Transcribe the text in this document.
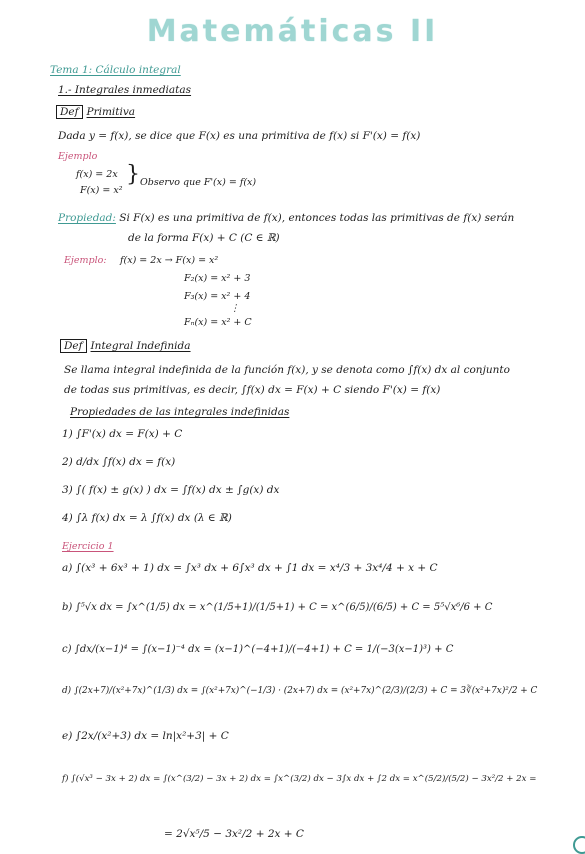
Matemáticas II
Tema 1: Cálculo integral
1.- Integrales inmediatas
Def Primitiva
Dada y = f(x), se dice que F(x) es una primitiva de f(x) si F'(x) = f(x)
Ejemplo
f(x) = 2x
F(x) = x²
} Observo que F'(x) = f(x)
Propiedad: Si F(x) es una primitiva de f(x), entonces todas las primitivas de f(x) serán
de la forma F(x) + C (C ∈ ℝ)
Ejemplo: f(x) = 2x → F(x) = x²
F₂(x) = x² + 3
F₃(x) = x² + 4
⋮
Fₙ(x) = x² + C
Def Integral Indefinida
Se llama integral indefinida de la función f(x), y se denota como ∫f(x) dx al conjunto
de todas sus primitivas, es decir, ∫f(x) dx = F(x) + C siendo F'(x) = f(x)
Propiedades de las integrales indefinidas
1) ∫F'(x) dx = F(x) + C
2) d/dx ∫f(x) dx = f(x)
3) ∫( f(x) ± g(x) ) dx = ∫f(x) dx ± ∫g(x) dx
4) ∫λ f(x) dx = λ ∫f(x) dx (λ ∈ ℝ)
Ejercicio 1
a) ∫(x³ + 6x³ + 1) dx = ∫x³ dx + 6∫x³ dx + ∫1 dx = x⁴/3 + 3x⁴/4 + x + C
b) ∫⁵√x dx = ∫x^(1/5) dx = x^(1/5+1)/(1/5+1) + C = x^(6/5)/(6/5) + C = 5⁵√x⁶/6 + C
c) ∫dx/(x−1)⁴ = ∫(x−1)⁻⁴ dx = (x−1)^(−4+1)/(−4+1) + C = 1/(−3(x−1)³) + C
d) ∫(2x+7)/(x²+7x)^(1/3) dx = ∫(x²+7x)^(−1/3) · (2x+7) dx = (x²+7x)^(2/3)/(2/3) + C = 3∛(x²+7x)²/2 + C
e) ∫2x/(x²+3) dx = ln|x²+3| + C
f) ∫(√x³ − 3x + 2) dx = ∫(x^(3/2) − 3x + 2) dx = ∫x^(3/2) dx − 3∫x dx + ∫2 dx = x^(5/2)/(5/2) − 3x²/2 + 2x =
= 2√x⁵/5 − 3x²/2 + 2x + C
